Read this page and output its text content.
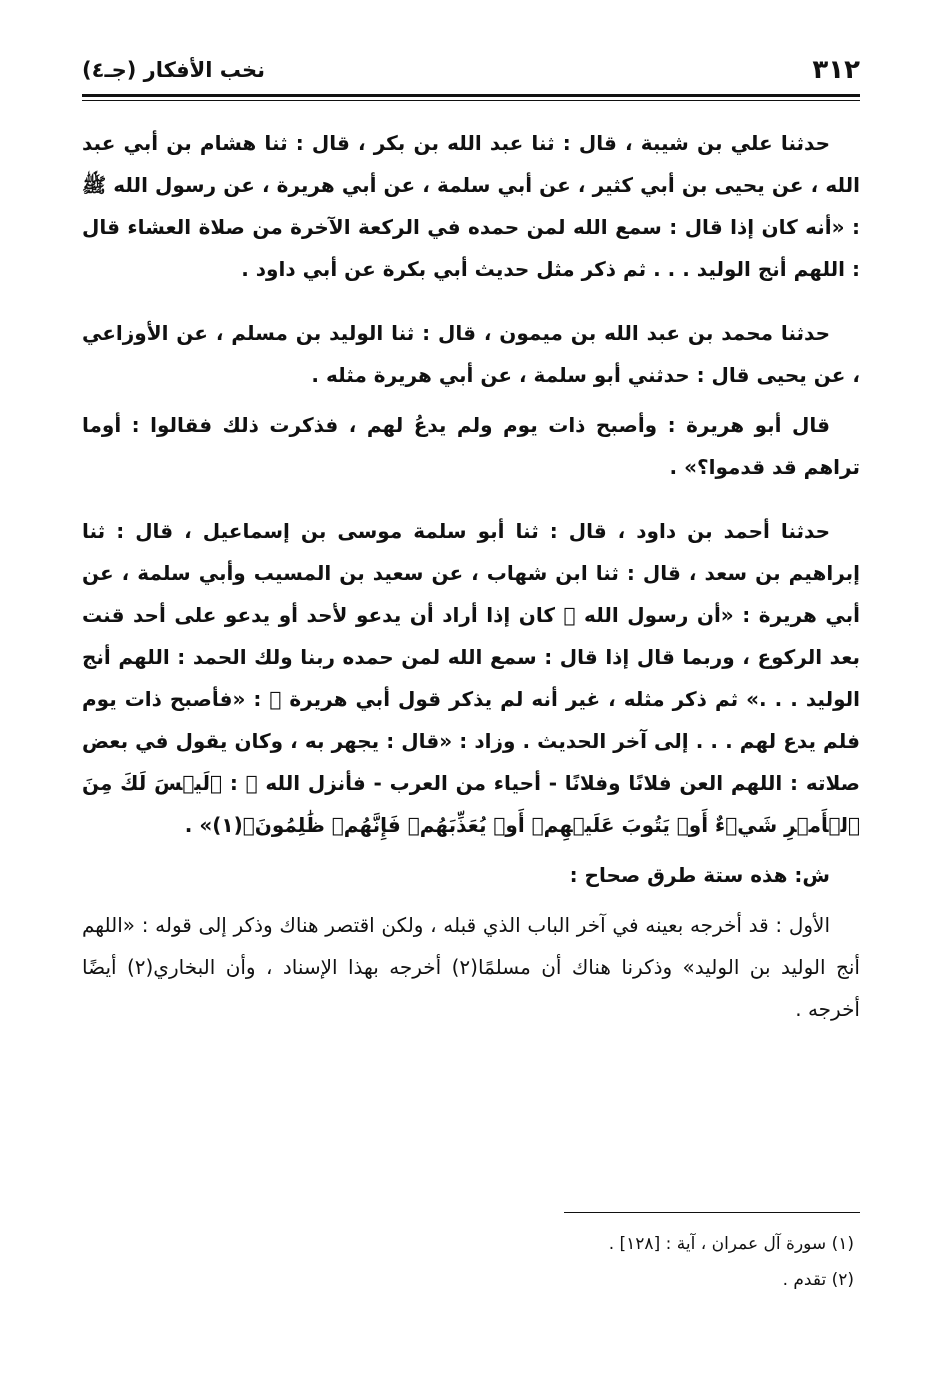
٣١٢
نخب الأفكار (جـ٤)

حدثنا علي بن شيبة ، قال : ثنا عبد الله بن بكر ، قال : ثنا هشام بن أبي عبد الله ، عن يحيى بن أبي كثير ، عن أبي سلمة ، عن أبي هريرة ، عن رسول الله ﷺ : «أنه كان إذا قال : سمع الله لمن حمده في الركعة الآخرة من صلاة العشاء قال : اللهم أنج الوليد . . . ثم ذكر مثل حديث أبي بكرة عن أبي داود .

حدثنا محمد بن عبد الله بن ميمون ، قال : ثنا الوليد بن مسلم ، عن الأوزاعي ، عن يحيى قال : حدثني أبو سلمة ، عن أبي هريرة مثله .

قال أبو هريرة : وأصبح ذات يوم ولم يدعُ لهم ، فذكرت ذلك فقالوا : أوما تراهم قد قدموا؟» .

حدثنا أحمد بن داود ، قال : ثنا أبو سلمة موسى بن إسماعيل ، قال : ثنا إبراهيم بن سعد ، قال : ثنا ابن شهاب ، عن سعيد بن المسيب وأبي سلمة ، عن أبي هريرة : «أن رسول الله ﷺ كان إذا أراد أن يدعو لأحد أو يدعو على أحد قنت بعد الركوع ، وربما قال إذا قال : سمع الله لمن حمده ربنا ولك الحمد : اللهم أنج الوليد . . .» ثم ذكر مثله ، غير أنه لم يذكر قول أبي هريرة ؓ : «فأصبح ذات يوم فلم يدع لهم . . . إلى آخر الحديث . وزاد : «قال : يجهر به ، وكان يقول في بعض صلاته : اللهم العن فلانًا وفلانًا - أحياء من العرب - فأنزل الله ﷻ : ﴿لَيۡسَ لَكَ مِنَ ٱلۡأَمۡرِ شَيۡءٌ أَوۡ يَتُوبَ عَلَيۡهِمۡ أَوۡ يُعَذِّبَهُمۡ فَإِنَّهُمۡ ظَٰلِمُونَ﴾(١)» .

ش: هذه ستة طرق صحاح :

الأول : قد أخرجه بعينه في آخر الباب الذي قبله ، ولكن اقتصر هناك وذكر إلى قوله : «اللهم أنج الوليد بن الوليد» وذكرنا هناك أن مسلمًا(٢) أخرجه بهذا الإسناد ، وأن البخاري(٢) أيضًا أخرجه .

(١) سورة آل عمران ، آية : [١٢٨] .
(٢) تقدم .
